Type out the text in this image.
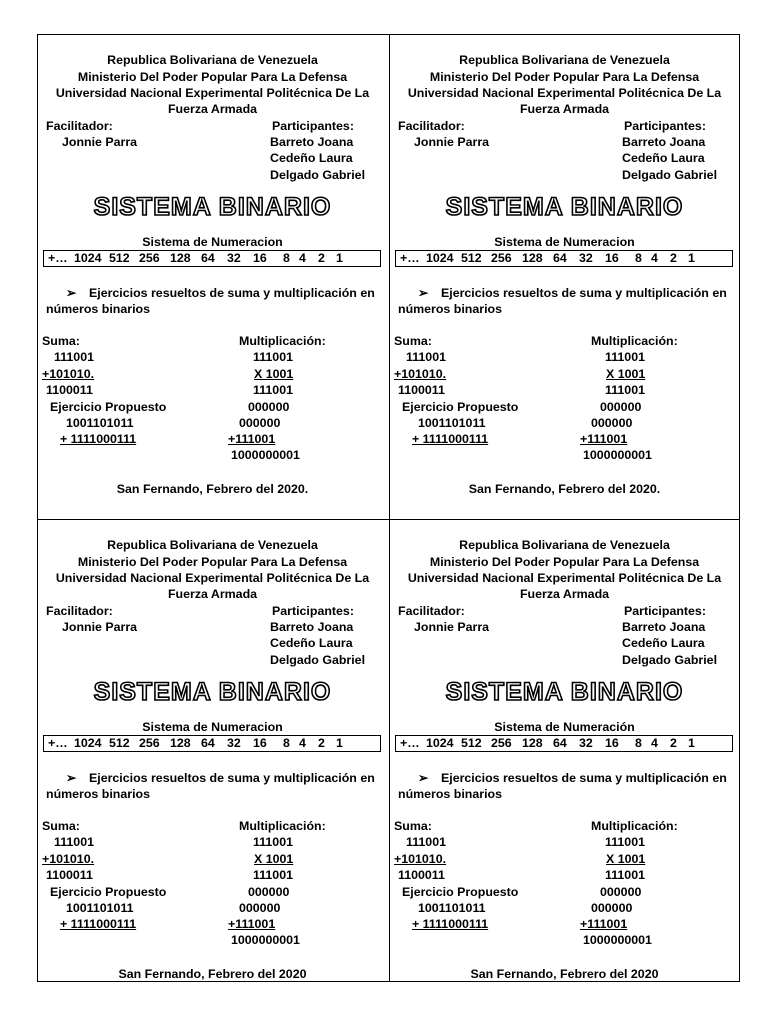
Republica Bolivariana de Venezuela
Ministerio Del Poder Popular Para La Defensa
Universidad Nacional Experimental Politécnica De La
Fuerza Armada
Facilitador:
Jonnie Parra
Participantes:
Barreto Joana
Cedeño Laura
Delgado Gabriel
SISTEMA BINARIO
Sistema de Numeracion
+… 1024 512 256 128 64 32 16 8 4 2 1
➢ Ejercicios resueltos de suma y multiplicación en
números binarios
Suma:
111001
+101010.
1100011
Ejercicio Propuesto
1001101011
+ 1111000111
Multiplicación:
111001
X 1001
111001
000000
000000
+111001
1000000001
San Fernando, Febrero del 2020.
Republica Bolivariana de Venezuela
Ministerio Del Poder Popular Para La Defensa
Universidad Nacional Experimental Politécnica De La
Fuerza Armada
Facilitador:
Jonnie Parra
Participantes:
Barreto Joana
Cedeño Laura
Delgado Gabriel
SISTEMA BINARIO
Sistema de Numeracion
+… 1024 512 256 128 64 32 16 8 4 2 1
➢ Ejercicios resueltos de suma y multiplicación en
números binarios
Suma:
111001
+101010.
1100011
Ejercicio Propuesto
1001101011
+ 1111000111
Multiplicación:
111001
X 1001
111001
000000
000000
+111001
1000000001
San Fernando, Febrero del 2020.
Republica Bolivariana de Venezuela
Ministerio Del Poder Popular Para La Defensa
Universidad Nacional Experimental Politécnica De La
Fuerza Armada
Facilitador:
Jonnie Parra
Participantes:
Barreto Joana
Cedeño Laura
Delgado Gabriel
SISTEMA BINARIO
Sistema de Numeracion
+… 1024 512 256 128 64 32 16 8 4 2 1
➢ Ejercicios resueltos de suma y multiplicación en
números binarios
Suma:
111001
+101010.
1100011
Ejercicio Propuesto
1001101011
+ 1111000111
Multiplicación:
111001
X 1001
111001
000000
000000
+111001
1000000001
San Fernando, Febrero del 2020
Republica Bolivariana de Venezuela
Ministerio Del Poder Popular Para La Defensa
Universidad Nacional Experimental Politécnica De La
Fuerza Armada
Facilitador:
Jonnie Parra
Participantes:
Barreto Joana
Cedeño Laura
Delgado Gabriel
SISTEMA BINARIO
Sistema de Numeración
+… 1024 512 256 128 64 32 16 8 4 2 1
➢ Ejercicios resueltos de suma y multiplicación en
números binarios
Suma:
111001
+101010.
1100011
Ejercicio Propuesto
1001101011
+ 1111000111
Multiplicación:
111001
X 1001
111001
000000
000000
+111001
1000000001
San Fernando, Febrero del 2020
